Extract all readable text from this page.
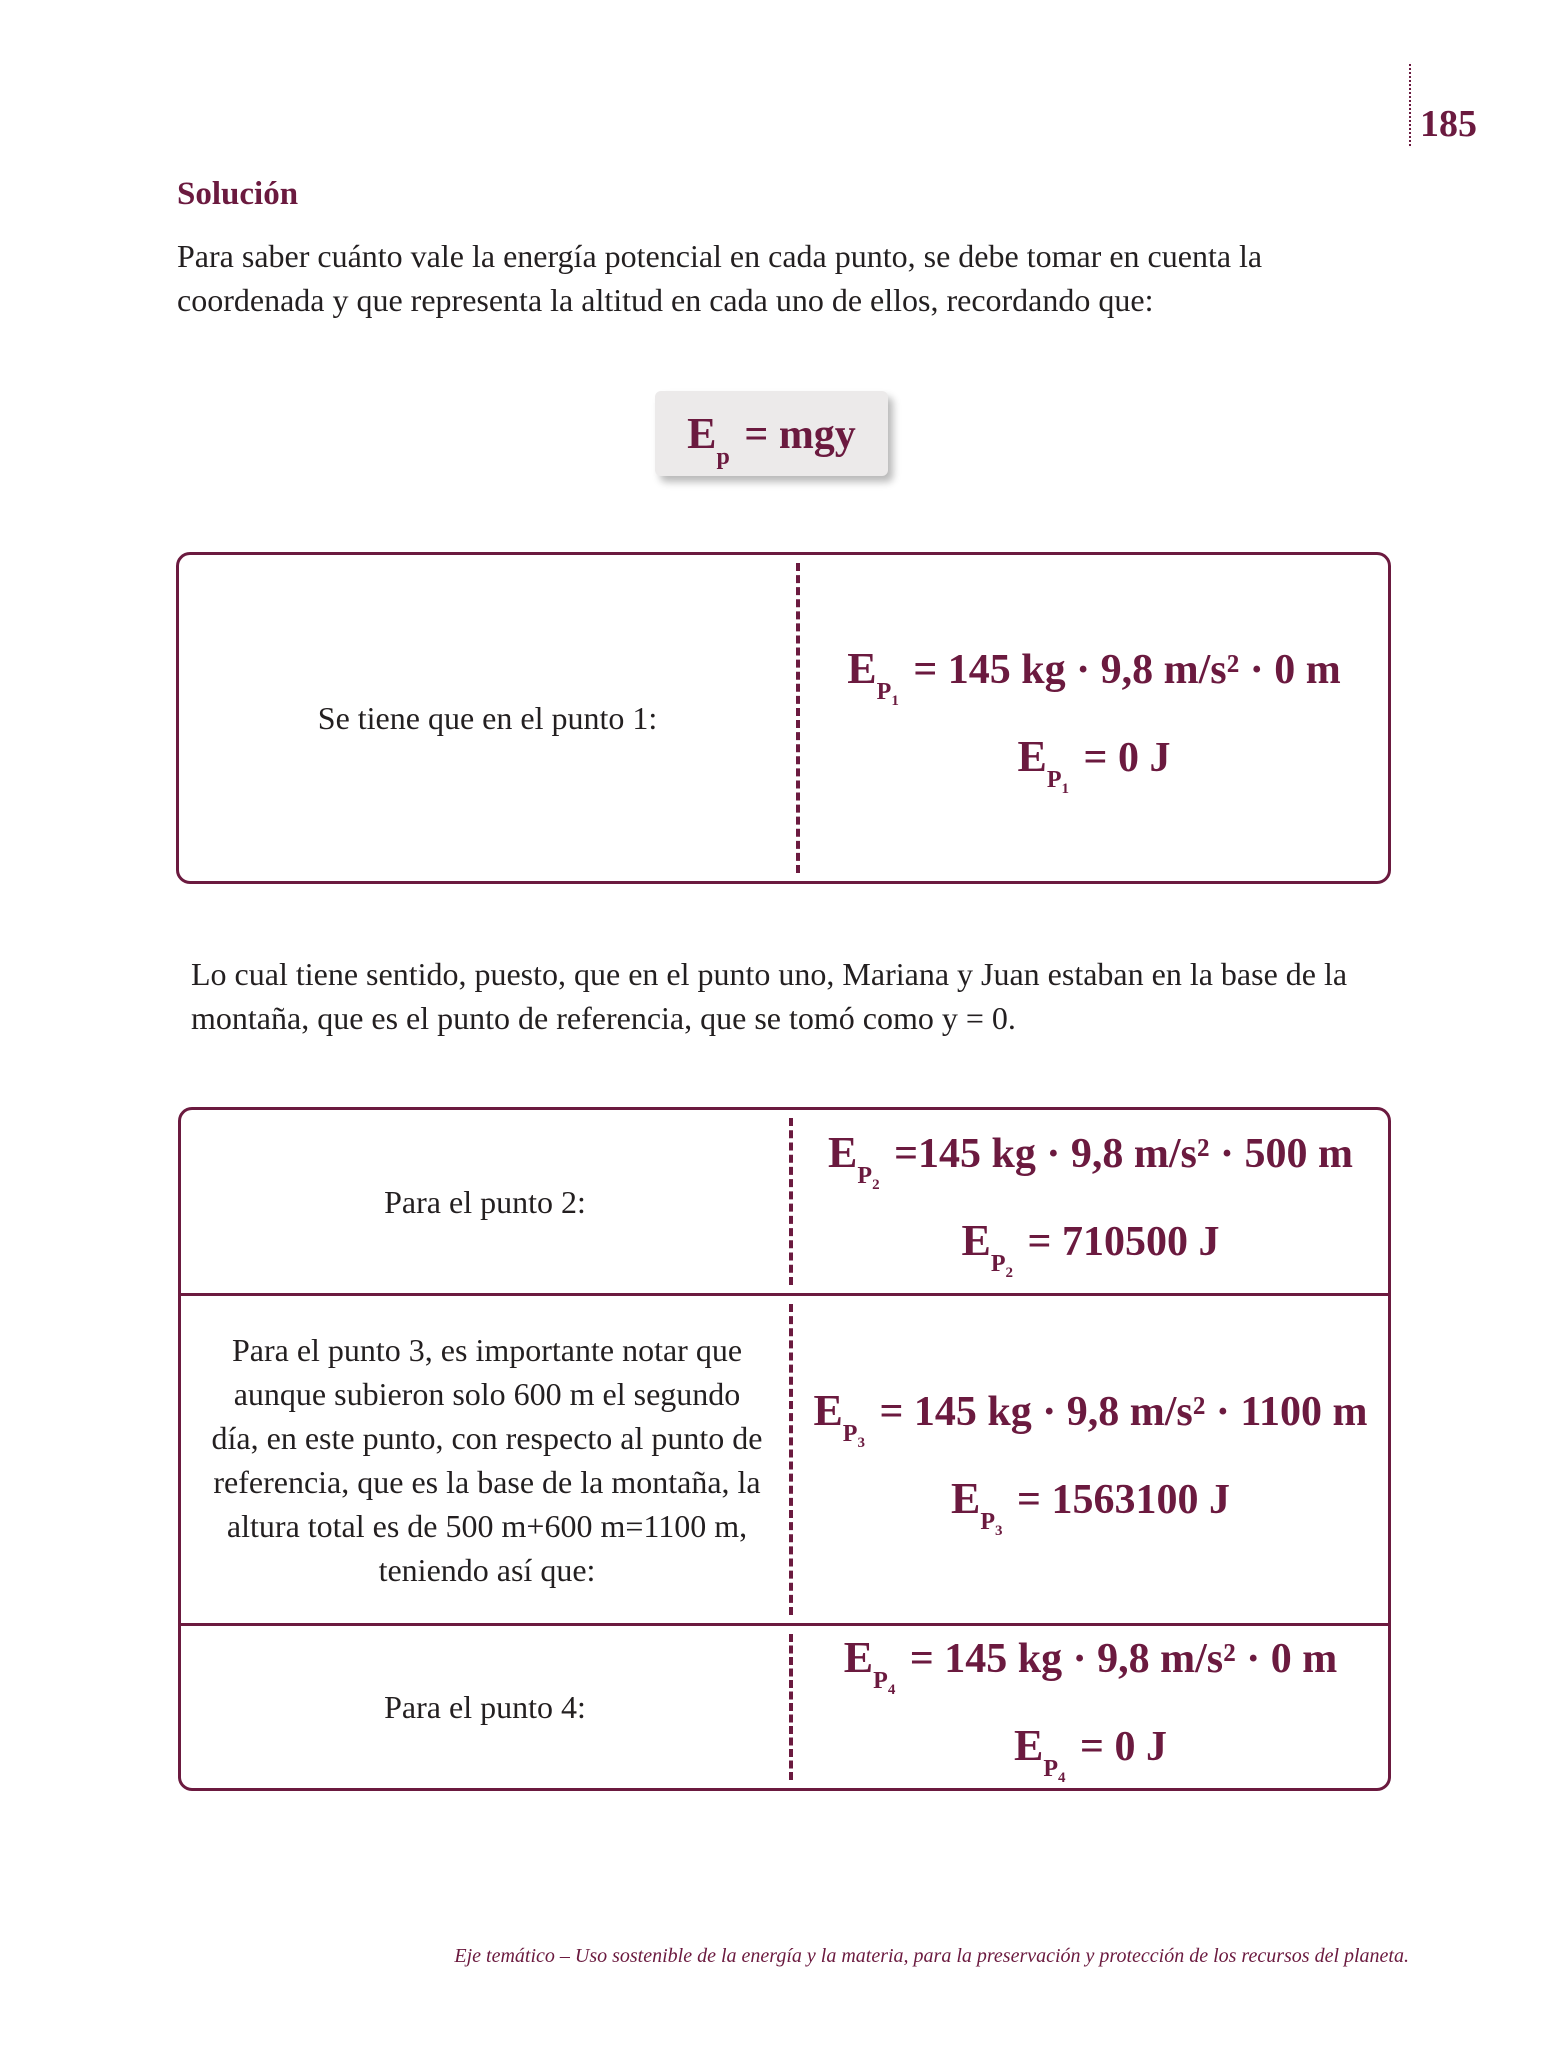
185
Solución
Para saber cuánto vale la energía potencial en cada punto, se debe tomar en cuenta la coordenada y que representa la altitud en cada uno de ellos, recordando que:
Ep = mgy
Se tiene que en el punto 1:
$EP_1 = 145$ kg · 9,8 m/s² · 0 m
$EP_1 = 0$ J
Lo cual tiene sentido, puesto, que en el punto uno, Mariana y Juan estaban en la base de la montaña, que es el punto de referencia, que se tomó como y = 0.
Para el punto 2:
$EP_2 =145$ kg · 9,8 m/s² · 500 m
$EP_2 = 710500$ J
Para el punto 3, es importante notar que aunque subieron solo 600 m el segundo día, en este punto, con respecto al punto de referencia, que es la base de la montaña, la altura total es de 500 m+600 m=1100 m, teniendo así que:
$EP_3 = 145$ kg · 9,8 m/s² · 1100 m
$EP_3 = 1563100$ J
Para el punto 4:
$EP_4 = 145$ kg · 9,8 m/s² · 0 m
$EP_4 = 0$ J
Eje temático – Uso sostenible de la energía y la materia, para la preservación y protección de los recursos del planeta.
